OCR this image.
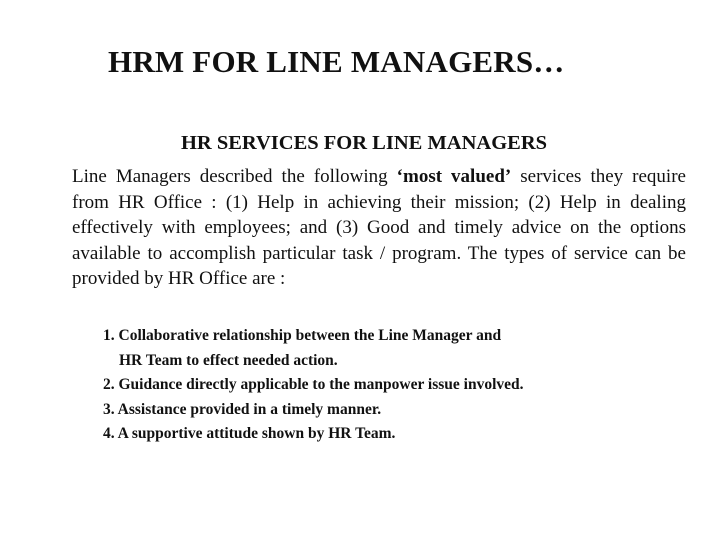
HRM FOR LINE MANAGERS…
HR SERVICES FOR LINE MANAGERS
Line Managers described the following ‘most valued’ services they require from HR Office : (1) Help in achieving their mission; (2) Help in dealing effectively with employees; and (3) Good and timely advice on the options available to accomplish particular task / program. The types of service can be provided by HR Office are :
1. Collaborative relationship between the Line Manager and
HR Team to effect needed action.
2. Guidance directly applicable to the manpower issue involved.
3. Assistance provided in a timely manner.
4. A supportive attitude shown by HR Team.
